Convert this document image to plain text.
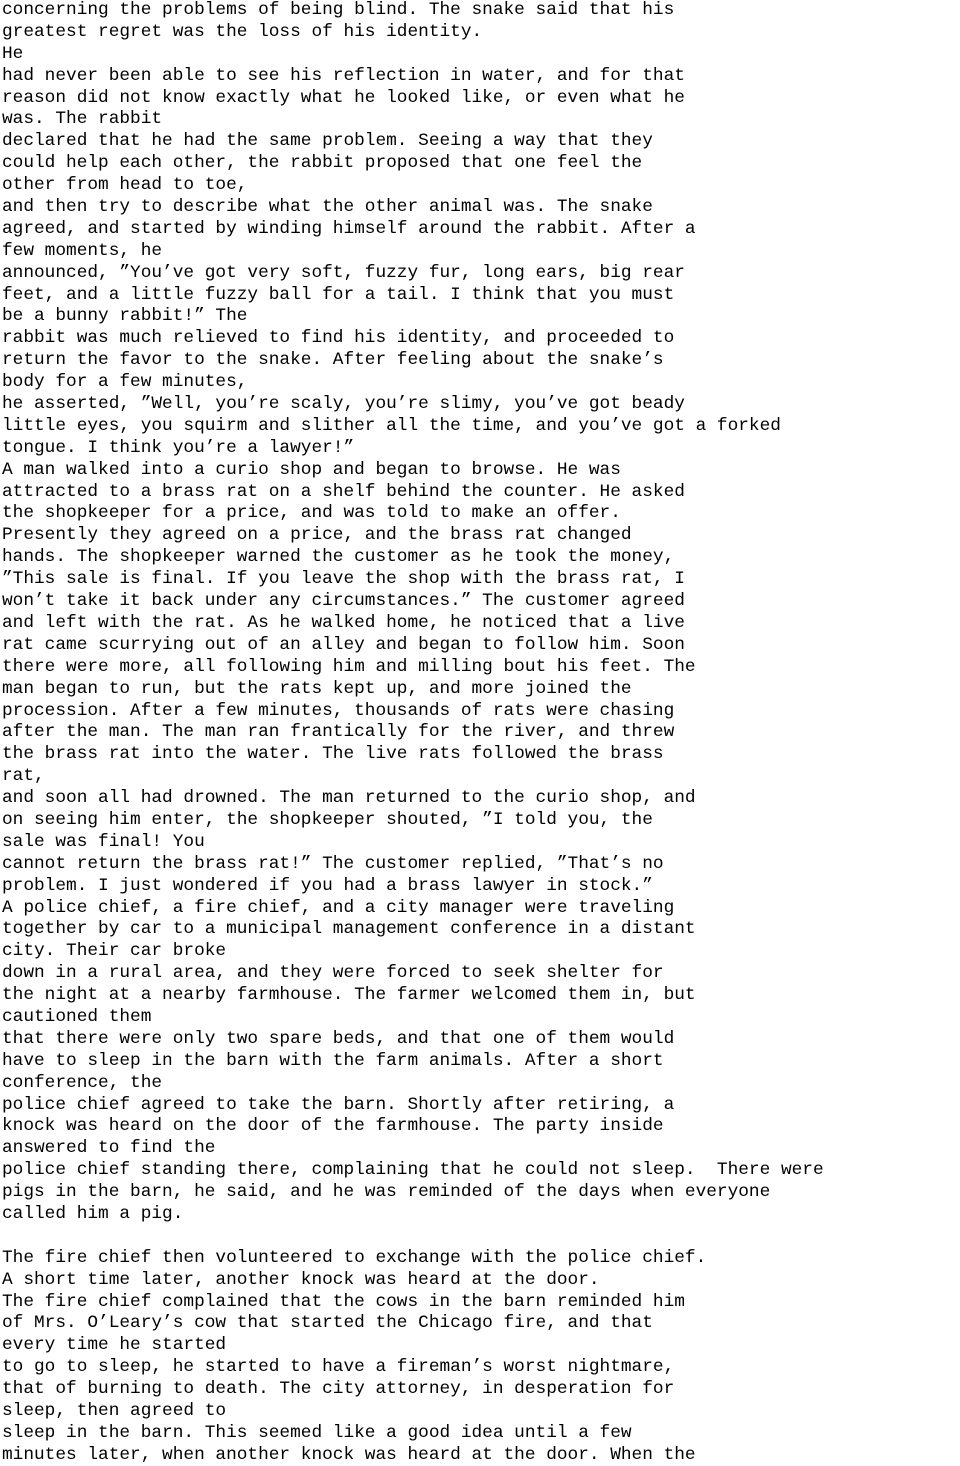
concerning the problems of being blind. The snake said that his
greatest regret was the loss of his identity.
He
had never been able to see his reflection in water, and for that
reason did not know exactly what he looked like, or even what he
was. The rabbit
declared that he had the same problem. Seeing a way that they
could help each other, the rabbit proposed that one feel the
other from head to toe,
and then try to describe what the other animal was. The snake
agreed, and started by winding himself around the rabbit. After a
few moments, he
announced, ”You’ve got very soft, fuzzy fur, long ears, big rear
feet, and a little fuzzy ball for a tail. I think that you must
be a bunny rabbit!” The
rabbit was much relieved to find his identity, and proceeded to
return the favor to the snake. After feeling about the snake’s
body for a few minutes,
he asserted, ”Well, you’re scaly, you’re slimy, you’ve got beady
little eyes, you squirm and slither all the time, and you’ve got a forked
tongue. I think you’re a lawyer!”
A man walked into a curio shop and began to browse. He was
attracted to a brass rat on a shelf behind the counter. He asked
the shopkeeper for a price, and was told to make an offer.
Presently they agreed on a price, and the brass rat changed
hands. The shopkeeper warned the customer as he took the money,
”This sale is final. If you leave the shop with the brass rat, I
won’t take it back under any circumstances.” The customer agreed
and left with the rat. As he walked home, he noticed that a live
rat came scurrying out of an alley and began to follow him. Soon
there were more, all following him and milling bout his feet. The
man began to run, but the rats kept up, and more joined the
procession. After a few minutes, thousands of rats were chasing
after the man. The man ran frantically for the river, and threw
the brass rat into the water. The live rats followed the brass
rat,
and soon all had drowned. The man returned to the curio shop, and
on seeing him enter, the shopkeeper shouted, ”I told you, the
sale was final! You
cannot return the brass rat!” The customer replied, ”That’s no
problem. I just wondered if you had a brass lawyer in stock.”
A police chief, a fire chief, and a city manager were traveling
together by car to a municipal management conference in a distant
city. Their car broke
down in a rural area, and they were forced to seek shelter for
the night at a nearby farmhouse. The farmer welcomed them in, but
cautioned them
that there were only two spare beds, and that one of them would
have to sleep in the barn with the farm animals. After a short
conference, the
police chief agreed to take the barn. Shortly after retiring, a
knock was heard on the door of the farmhouse. The party inside
answered to find the
police chief standing there, complaining that he could not sleep.  There were
pigs in the barn, he said, and he was reminded of the days when everyone
called him a pig.
The fire chief then volunteered to exchange with the police chief.
A short time later, another knock was heard at the door.
The fire chief complained that the cows in the barn reminded him
of Mrs. O’Leary’s cow that started the Chicago fire, and that
every time he started
to go to sleep, he started to have a fireman’s worst nightmare,
that of burning to death. The city attorney, in desperation for
sleep, then agreed to
sleep in the barn. This seemed like a good idea until a few
minutes later, when another knock was heard at the door. When the
